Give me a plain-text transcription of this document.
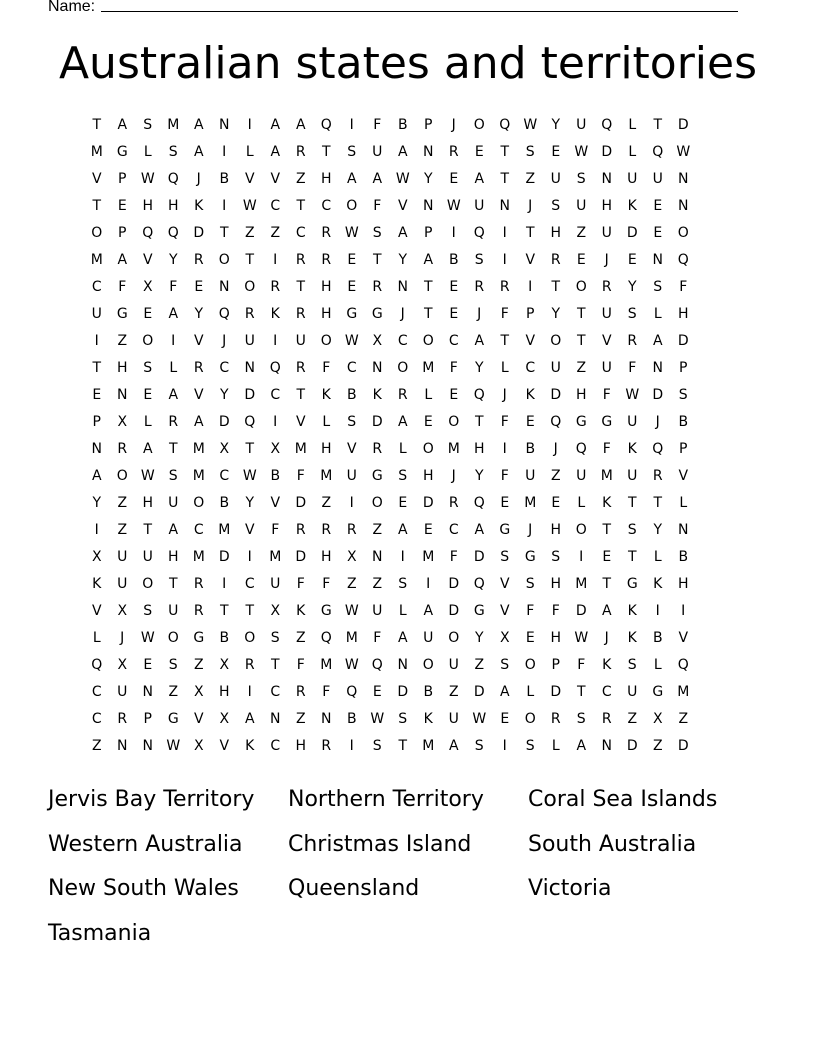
Name:
Australian states and territories
T	A	S	M	A	N	I	A	A	Q	I	F	B	P	J	O	Q W	Y	U	Q	L	T	D
M	G	L	S	A	I	L	A	R	T	S	U	A	N	R	E	T	S	E	W D	L	Q W
V	P	W Q	J	B	V	V	Z	H	A	A W	Y	E	A	T	Z	U	S	N	U	U	N
T	E	H	H	K	I	W C	T	C	O	F	V	N W U	N	J	S	U	H	K	E	N
O	P	Q	Q	D	T	Z	Z	C	R W	S	A	P	I	Q	I	T	H	Z	U	D	E	O
M	A	V	Y	R	O	T	I	R	R	E	T	Y	A	B	S	I	V	R	E	J	E	N	Q
C	F	X	F	E	N	O	R	T	H	E	R	N	T	E	R	R	I	T	O	R	Y	S	F
U	G	E	A	Y	Q	R	K	R	H	G	G	J	T	E	J	F	P	Y	T	U	S	L	H
I	Z	O	I	V	J	U	I	U	O W X	C	O	C	A	T	V	O	T	V	R	A	D
T	H	S	L	R	C	N	Q	R	F	C	N	O M	F	Y	L	C	U	Z	U	F	N	P
E	N	E	A	V	Y	D	C	T	K	B	K	R	L	E	Q	J	K	D	H	F	W D	S
P	X	L	R	A	D	Q	I	V	L	S	D	A	E	O	T	F	E	Q	G	G	U	J	B
N	R	A	T	M	X	T	X	M	H	V	R	L	O M	H	I	B	J	Q	F	K	Q	P
A	O W	S	M	C W B	F	M	U	G	S	H	J	Y	F	U	Z	U	M	U	R	V
Y	Z	H	U	O	B	Y	V	D	Z	I	O	E	D	R	Q	E	M	E	L	K	T	T	L
I	Z	T	A	C	M	V	F	R	R	R	Z	A	E	C	A	G	J	H	O	T	S	Y	N
X	U	U	H	M	D	I	M	D	H	X	N	I	M	F	D	S	G	S	I	E	T	L	B
K	U	O	T	R	I	C	U	F	F	Z	Z	S	I	D	Q	V	S	H	M	T	G	K	H
V	X	S	U	R	T	T	X	K	G W U	L	A	D	G	V	F	F	D	A	K	I	I
L	J	W O	G	B	O	S	Z	Q M	F	A	U	O	Y	X	E	H W	J	K	B	V
Q	X	E	S	Z	X	R	T	F	M W Q	N	O	U	Z	S	O	P	F	K	S	L	Q
C	U	N	Z	X	H	I	C	R	F	Q	E	D	B	Z	D	A	L	D	T	C	U	G	M
C	R	P	G	V	X	A	N	Z	N	B W	S	K	U W	E	O	R	S	R	Z	X	Z
Z	N	N W X	V	K	C	H	R	I	S	T	M	A	S	I	S	L	A	N	D	Z	D
Jervis Bay Territory	Northern Territory	Coral Sea Islands
Western Australia	Christmas Island	South Australia
New South Wales	Queensland	Victoria
Tasmania
